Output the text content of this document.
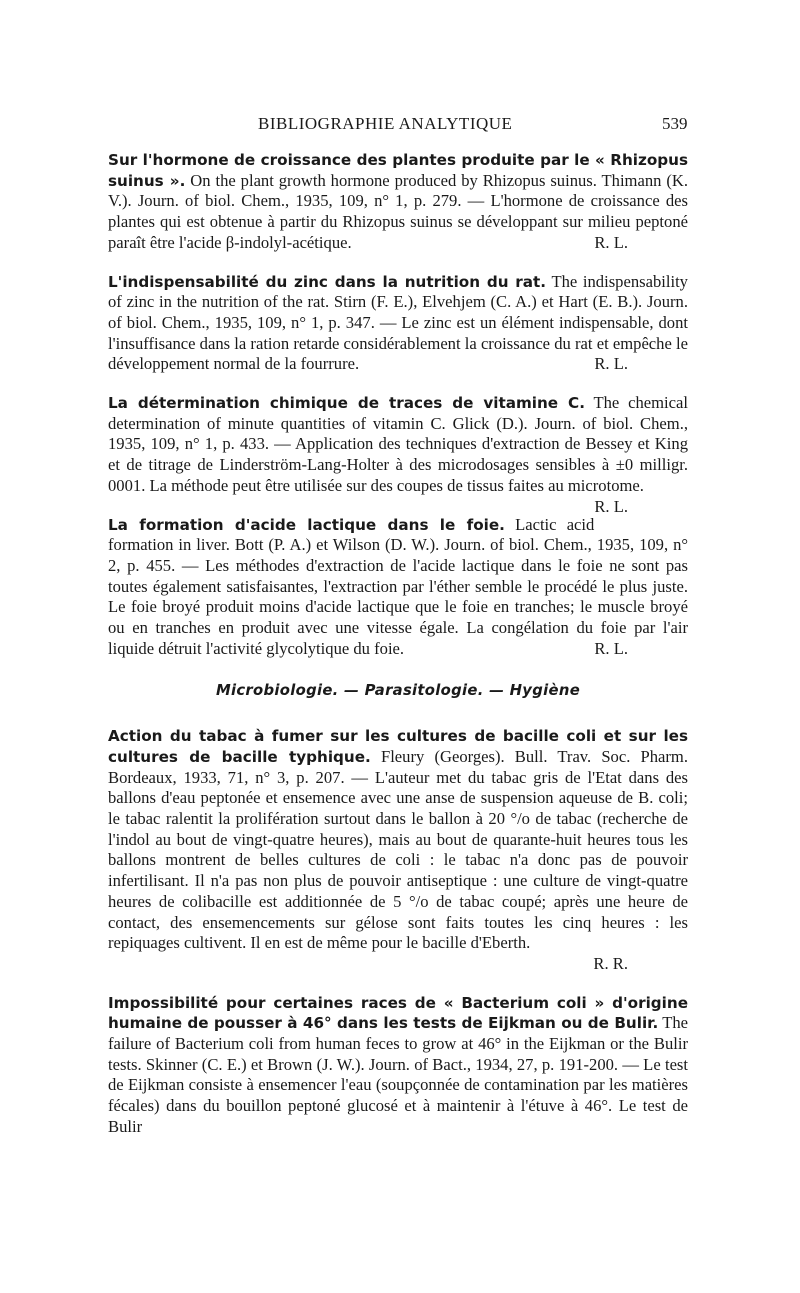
BIBLIOGRAPHIE ANALYTIQUE	539

Sur l'hormone de croissance des plantes produite par le « Rhizopus suinus ». On the plant growth hormone produced by Rhizopus suinus. Thimann (K. V.). Journ. of biol. Chem., 1935, 109, n° 1, p. 279. — L'hormone de croissance des plantes qui est obtenue à partir du Rhizopus suinus se développant sur milieu peptoné paraît être l'acide β-indolyl-acétique.	R. L.

L'indispensabilité du zinc dans la nutrition du rat. The indispensability of zinc in the nutrition of the rat. Stirn (F. E.), Elvehjem (C. A.) et Hart (E. B.). Journ. of biol. Chem., 1935, 109, n° 1, p. 347. — Le zinc est un élément indispensable, dont l'insuffisance dans la ration retarde considérablement la croissance du rat et empêche le développement normal de la fourrure.	R. L.

La détermination chimique de traces de vitamine C. The chemical determination of minute quantities of vitamin C. Glick (D.). Journ. of biol. Chem., 1935, 109, n° 1, p. 433. — Application des techniques d'extraction de Bessey et King et de titrage de Linderström-Lang-Holter à des microdosages sensibles à ±0 milligr. 0001. La méthode peut être utilisée sur des coupes de tissus faites au microtome.
R. L.

La formation d'acide lactique dans le foie. Lactic acid formation in liver. Bott (P. A.) et Wilson (D. W.). Journ. of biol. Chem., 1935, 109, n° 2, p. 455. — Les méthodes d'extraction de l'acide lactique dans le foie ne sont pas toutes également satisfaisantes, l'extraction par l'éther semble le procédé le plus juste. Le foie broyé produit moins d'acide lactique que le foie en tranches; le muscle broyé ou en tranches en produit avec une vitesse égale. La congélation du foie par l'air liquide détruit l'activité glycolytique du foie.	R. L.

Microbiologie. — Parasitologie. — Hygiène

Action du tabac à fumer sur les cultures de bacille coli et sur les cultures de bacille typhique. Fleury (Georges). Bull. Trav. Soc. Pharm. Bordeaux, 1933, 71, n° 3, p. 207. — L'auteur met du tabac gris de l'Etat dans des ballons d'eau peptonée et ensemence avec une anse de suspension aqueuse de B. coli; le tabac ralentit la prolifération surtout dans le ballon à 20 °/o de tabac (recherche de l'indol au bout de vingt-quatre heures), mais au bout de quarante-huit heures tous les ballons montrent de belles cultures de coli : le tabac n'a donc pas de pouvoir infertilisant. Il n'a pas non plus de pouvoir antiseptique : une culture de vingt-quatre heures de colibacille est additionnée de 5 °/o de tabac coupé; après une heure de contact, des ensemencements sur gélose sont faits toutes les cinq heures : les repiquages cultivent. Il en est de même pour le bacille d'Eberth.

R. R.

Impossibilité pour certaines races de « Bacterium coli » d'origine humaine de pousser à 46° dans les tests de Eijkman ou de Bulir. The failure of Bacterium coli from human feces to grow at 46° in the Eijkman or the Bulir tests. Skinner (C. E.) et Brown (J. W.). Journ. of Bact., 1934, 27, p. 191-200. — Le test de Eijkman consiste à ensemencer l'eau (soupçonnée de contamination par les matières fécales) dans du bouillon peptoné glucosé et à maintenir à l'étuve à 46°. Le test de Bulir
